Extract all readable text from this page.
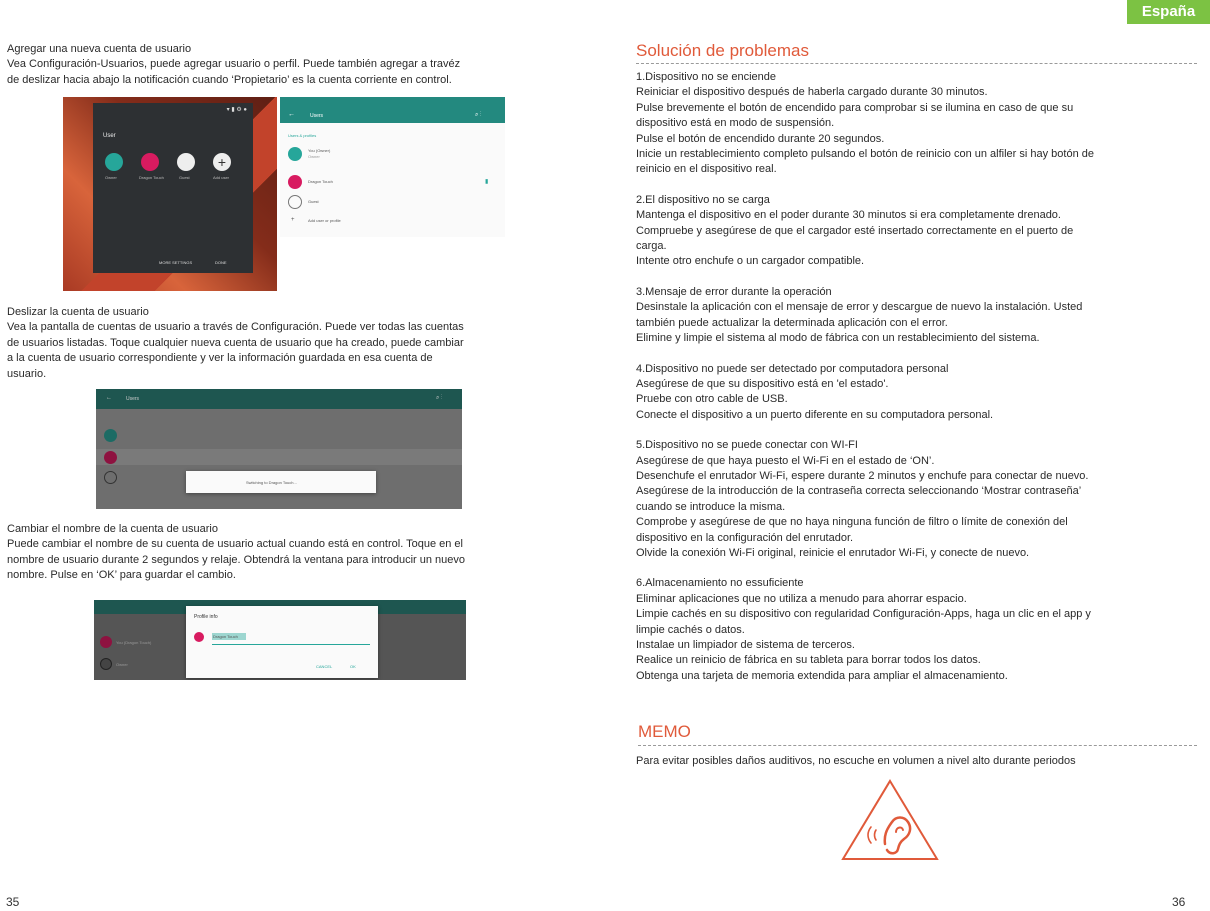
Agregar una nueva cuenta de usuario

Vea Configuración-Usuarios, puede agregar usuario o perfil. Puede también agregar a travéz

de deslizar hacia abajo la notificación cuando ‘Propietario’ es la cuenta corriente en control.

▾ ▮ ⚙ ●
User
+
Owner	Dragon Touch	Guest	Add user
MORE SETTINGS	DONE
←	Users	⌕ ⋮
Users & profiles
You (Owner)
Owner
Dragon Touch	▮
Guest
+	Add user or profile

Deslizar la cuenta de usuario

Vea la pantalla de cuentas de usuario a través de Configuración. Puede ver todas las cuentas

de usuarios listadas. Toque cualquier nueva cuenta de usuario que ha creado, puede cambiar

a la cuenta de usuario correspondiente y ver la información guardada en esa cuenta de

usuario.

←	Users	⌕ ⋮
Switching to Dragon Touch...

Cambiar el nombre de la cuenta de usuario

Puede cambiar el nombre de su cuenta de usuario actual cuando está en control. Toque en el

nombre de usuario durante 2 segundos y relaje. Obtendrá la ventana para introducir un nuevo

nombre. Pulse en ‘OK’ para guardar el cambio.

You (Dragon Touch)
Owner
Profile info
Dragon Touch
CANCEL	OK
35
España
Solución de problemas

1.Dispositivo no se enciende

Reiniciar el dispositivo después de haberla cargado durante 30 minutos.

Pulse brevemente el botón de encendido para comprobar si se ilumina en caso de que su

dispositivo está en modo de suspensión.

Pulse el botón de encendido durante 20 segundos.

Inicie un restablecimiento completo pulsando el botón de reinicio con un alfiler si hay botón de

reinicio en el dispositivo real.

2.El dispositivo no se carga

Mantenga el dispositivo en el poder durante 30 minutos si era completamente drenado.

Compruebe y asegúrese de que el cargador esté insertado correctamente en el puerto de

carga.

Intente otro enchufe o un cargador compatible.

3.Mensaje de error durante la operación

Desinstale la aplicación con el mensaje de error y descargue de nuevo la instalación. Usted

también puede actualizar la determinada aplicación con el error.

Elimine y limpie el sistema al modo de fábrica con un restablecimiento del sistema.

4.Dispositivo no puede ser detectado por computadora personal

Asegúrese de que su dispositivo está en 'el estado'.

Pruebe con otro cable de USB.

Conecte el dispositivo a un puerto diferente en su computadora personal.

5.Dispositivo no se puede conectar con WI-FI

Asegúrese de que haya puesto el Wi-Fi en el estado de ‘ON’.

Desenchufe el enrutador Wi-Fi, espere durante 2 minutos y enchufe para conectar de nuevo.

Asegúrese de la introducción de la contraseña correcta seleccionando ‘Mostrar contraseña’

cuando se introduce la misma.

Comprobe y asegúrese de que no haya ninguna función de filtro o límite de conexión del

dispositivo en la configuración del enrutador.

Olvide la conexión Wi-Fi original, reinicie el enrutador Wi-Fi, y conecte de nuevo.

6.Almacenamiento no essuficiente

Eliminar aplicaciones que no utiliza a menudo para ahorrar espacio.

Limpie cachés en su dispositivo con regularidad Configuración-Apps, haga un clic en el app y

limpie cachés o datos.

Instalae un limpiador de sistema de terceros.

Realice un reinicio de fábrica en su tableta para borrar todos los datos.

Obtenga una tarjeta de memoria extendida para ampliar el almacenamiento.

MEMO

Para evitar posibles daños auditivos, no escuche en volumen a nivel alto durante periodos

36
